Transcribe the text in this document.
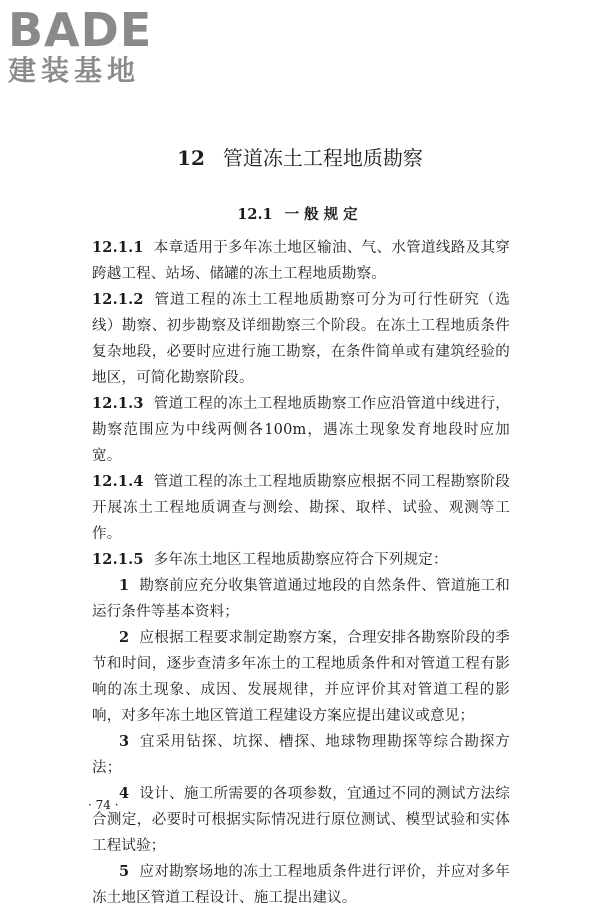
BADE
建装基地
12 管道冻土工程地质勘察
12.1 一般规定

12.1.1 本章适用于多年冻土地区输油、气、水管道线路及其穿跨越工程、站场、储罐的冻土工程地质勘察。

12.1.2 管道工程的冻土工程地质勘察可分为可行性研究（选线）勘察、初步勘察及详细勘察三个阶段。在冻土工程地质条件复杂地段，必要时应进行施工勘察，在条件简单或有建筑经验的地区，可简化勘察阶段。

12.1.3 管道工程的冻土工程地质勘察工作应沿管道中线进行，勘察范围应为中线两侧各100m，遇冻土现象发育地段时应加宽。

12.1.4 管道工程的冻土工程地质勘察应根据不同工程勘察阶段开展冻土工程地质调查与测绘、勘探、取样、试验、观测等工作。

12.1.5 多年冻土地区工程地质勘察应符合下列规定：

1 勘察前应充分收集管道通过地段的自然条件、管道施工和运行条件等基本资料；

2 应根据工程要求制定勘察方案，合理安排各勘察阶段的季节和时间，逐步查清多年冻土的工程地质条件和对管道工程有影响的冻土现象、成因、发展规律，并应评价其对管道工程的影响，对多年冻土地区管道工程建设方案应提出建议或意见；

3 宜采用钻探、坑探、槽探、地球物理勘探等综合勘探方法；

4 设计、施工所需要的各项参数，宜通过不同的测试方法综合测定，必要时可根据实际情况进行原位测试、模型试验和实体工程试验；

5 应对勘察场地的冻土工程地质条件进行评价，并应对多年冻土地区管道工程设计、施工提出建议。

· 74 ·
